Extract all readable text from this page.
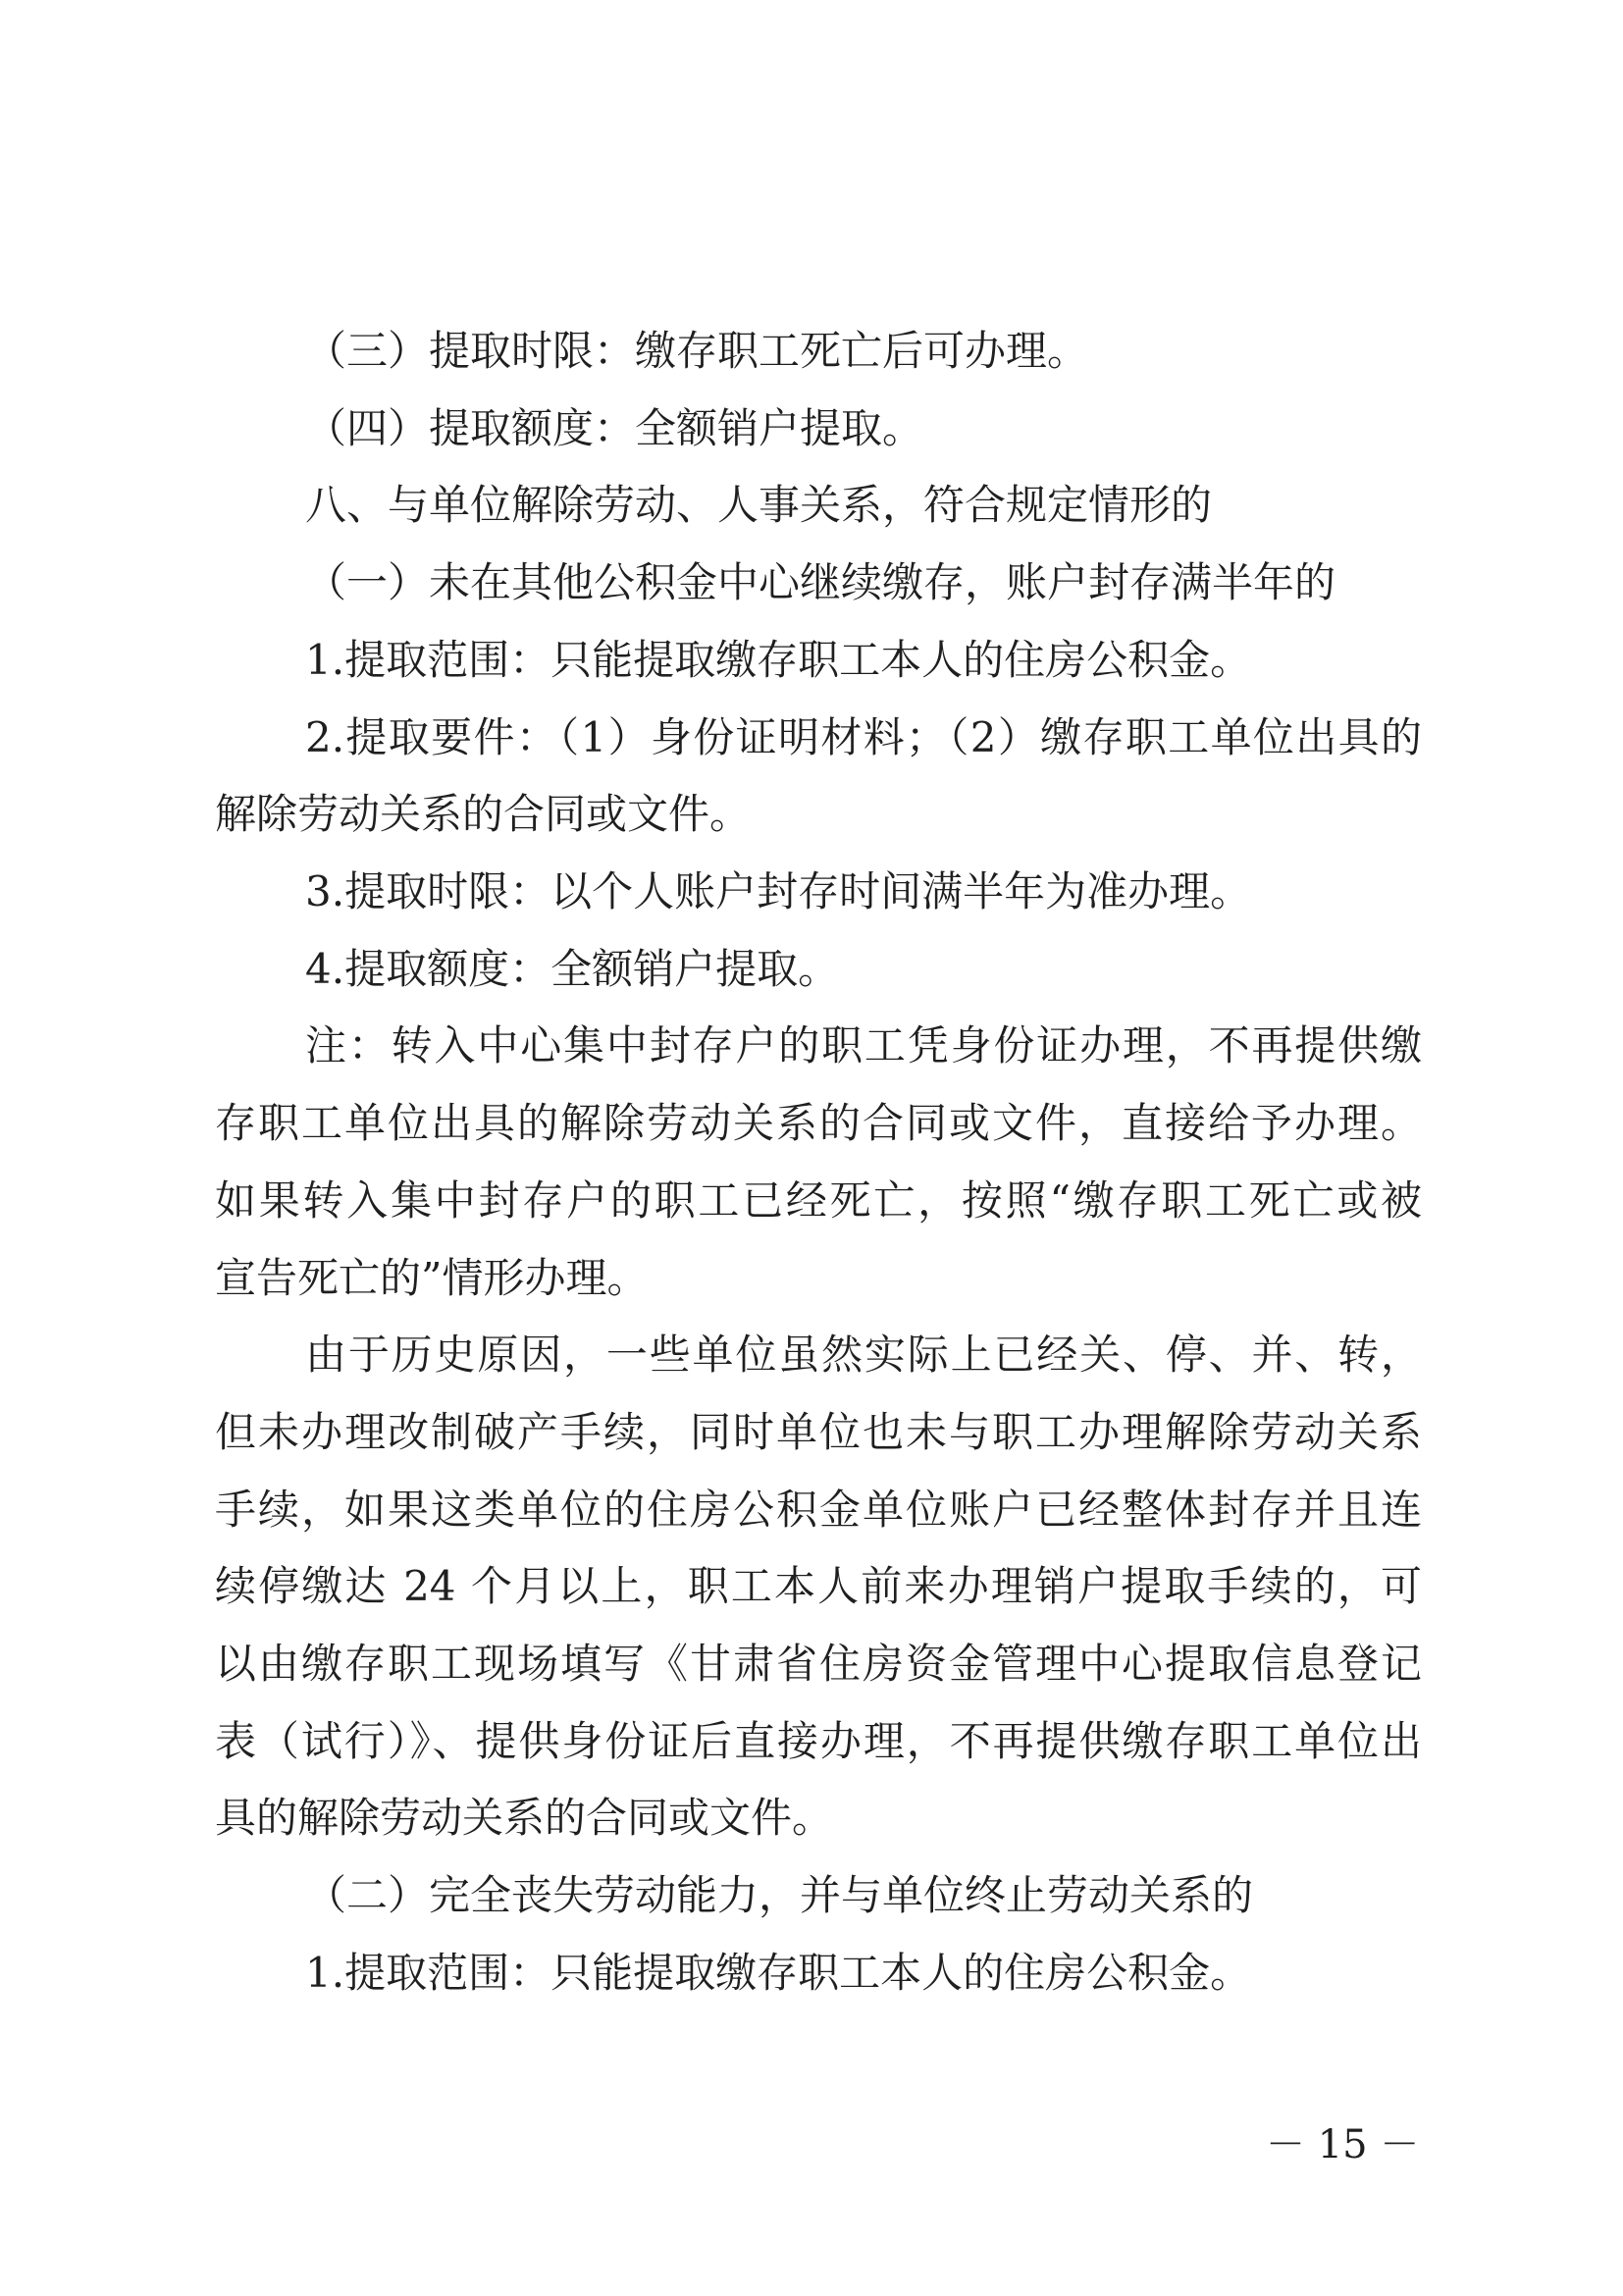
（三）提取时限：缴存职工死亡后可办理。
（四）提取额度：全额销户提取。
八、与单位解除劳动、人事关系，符合规定情形的
（一）未在其他公积金中心继续缴存，账户封存满半年的
1.提取范围：只能提取缴存职工本人的住房公积金。
2.提取要件：（1）身份证明材料；（2）缴存职工单位出具的
解除劳动关系的合同或文件。
3.提取时限：以个人账户封存时间满半年为准办理。
4.提取额度：全额销户提取。
注：转入中心集中封存户的职工凭身份证办理，不再提供缴
存职工单位出具的解除劳动关系的合同或文件，直接给予办理。
如果转入集中封存户的职工已经死亡，按照“缴存职工死亡或被
宣告死亡的”情形办理。
由于历史原因，一些单位虽然实际上已经关、停、并、转，
但未办理改制破产手续，同时单位也未与职工办理解除劳动关系
手续，如果这类单位的住房公积金单位账户已经整体封存并且连
续停缴达 24 个月以上，职工本人前来办理销户提取手续的，可
以由缴存职工现场填写《甘肃省住房资金管理中心提取信息登记
表（试行）》、提供身份证后直接办理，不再提供缴存职工单位出
具的解除劳动关系的合同或文件。
（二）完全丧失劳动能力，并与单位终止劳动关系的
1.提取范围：只能提取缴存职工本人的住房公积金。
－ 15 －
